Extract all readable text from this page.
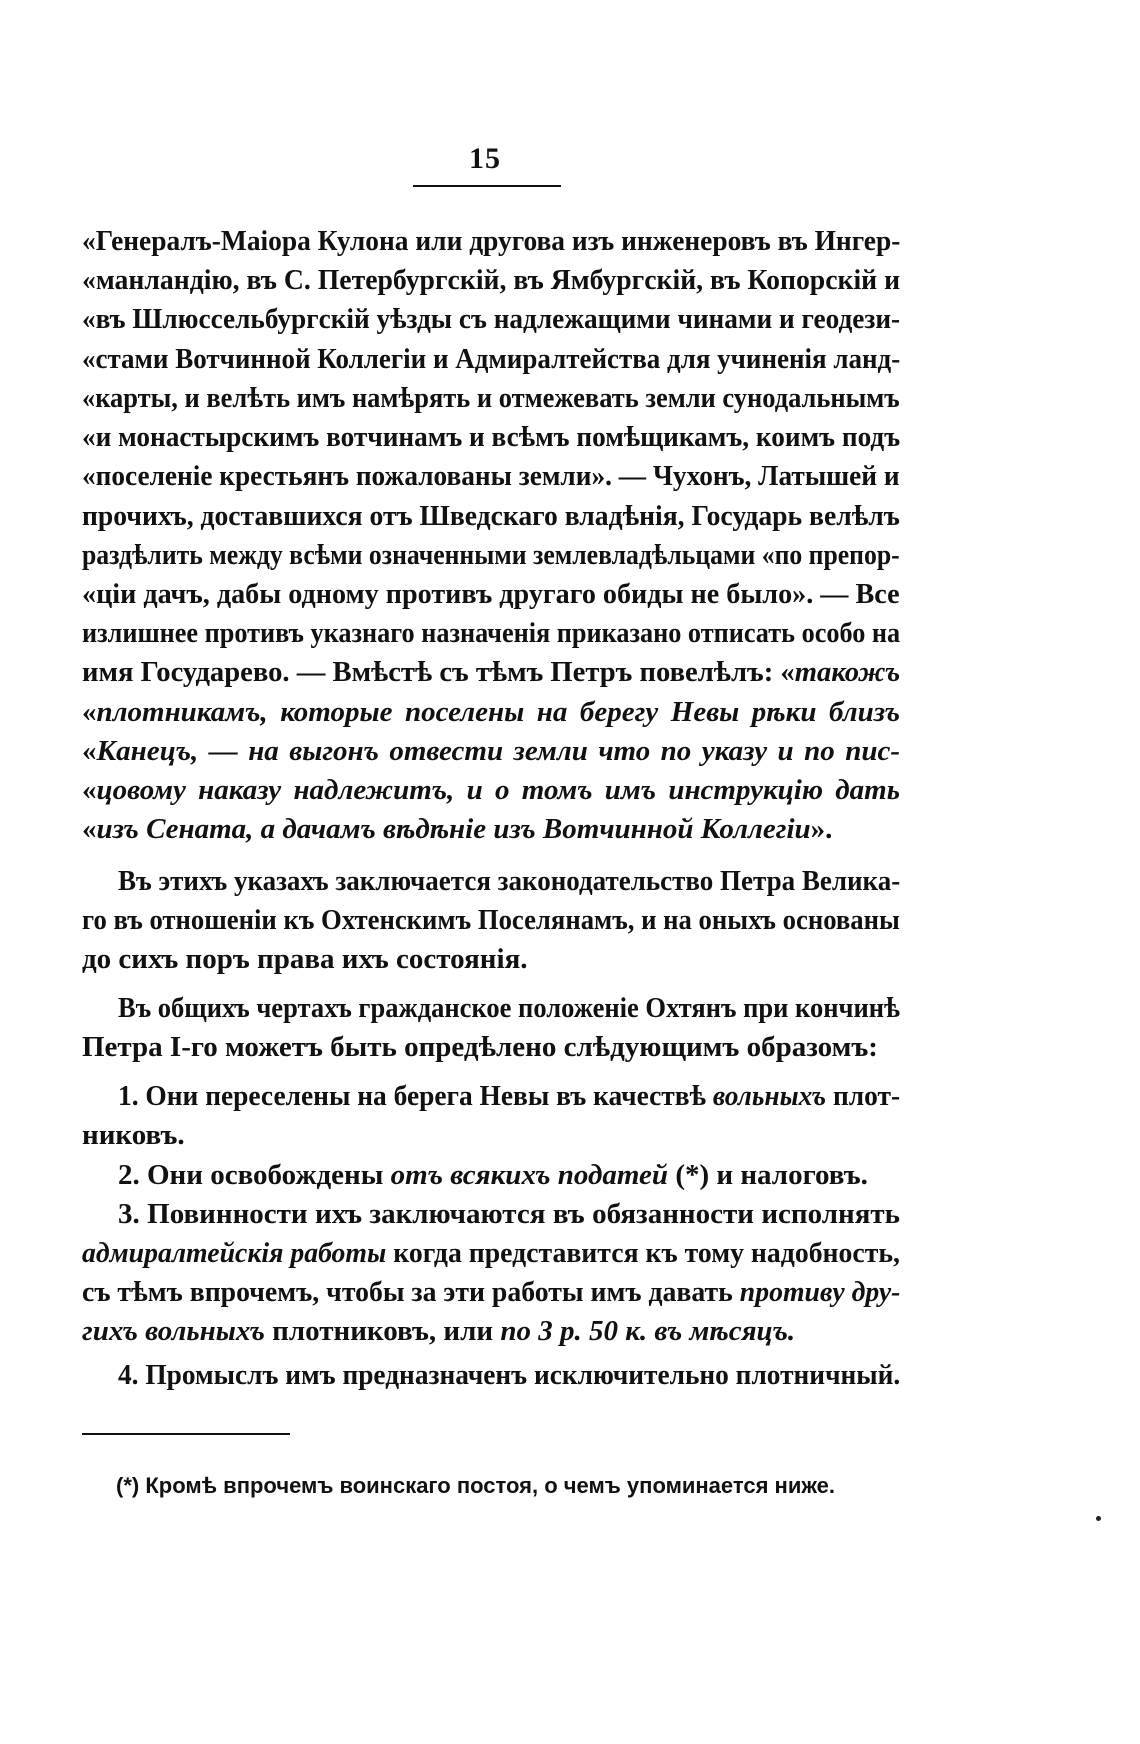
15
«Генералъ-Маіора Кулона или другова изъ инженеровъ въ Ингер-
«манландію, въ С. Петербургскій, въ Ямбургскій, въ Копорскій и
«въ Шлюссельбургскій уѣзды съ надлежащими чинами и геодези-
«стами Вотчинной Коллегіи и Адмиралтейства для учиненія ланд-
«карты, и велѣть имъ намѣрять и отмежевать земли сунодальнымъ
«и монастырскимъ вотчинамъ и всѣмъ помѣщикамъ, коимъ подъ
«поселеніе крестьянъ пожалованы земли». — Чухонъ, Латышей и
прочихъ, доставшихся отъ Шведскаго владѣнія, Государь велѣлъ
раздѣлить между всѣми означенными землевладѣльцами «по препор-
«ціи дачъ, дабы одному противъ другаго обиды не было». — Все
излишнее противъ указнаго назначенія приказано отписать особо на
имя Государево. — Вмѣстѣ съ тѣмъ Петръ повелѣлъ: «такожъ
«плотникамъ, которые поселены на берегу Невы рѣки близъ
«Канецъ, — на выгонъ отвести земли что по указу и по пис-
«цовому наказу надлежитъ, и о томъ имъ инструкцію дать
«изъ Сената, а дачамъ вѣдѣніе изъ Вотчинной Коллегіи».
Въ этихъ указахъ заключается законодательство Петра Велика-
го въ отношеніи къ Охтенскимъ Поселянамъ, и на оныхъ основаны
до сихъ поръ права ихъ состоянія.
Въ общихъ чертахъ гражданское положеніе Охтянъ при кончинѣ
Петра І-го можетъ быть опредѣлено слѣдующимъ образомъ:
1. Они переселены на берега Невы въ качествѣ вольныхъ плот-
никовъ.
2. Они освобождены отъ всякихъ податей (*) и налоговъ.
3. Повинности ихъ заключаются въ обязанности исполнять
адмиралтейскія работы когда представится къ тому надобность,
съ тѣмъ впрочемъ, чтобы за эти работы имъ давать противу дру-
гихъ вольныхъ плотниковъ, или по 3 р. 50 к. въ мѣсяцъ.
4. Промыслъ имъ предназначенъ исключительно плотничный.
(*) Кромѣ впрочемъ воинскаго постоя, о чемъ упоминается ниже.
